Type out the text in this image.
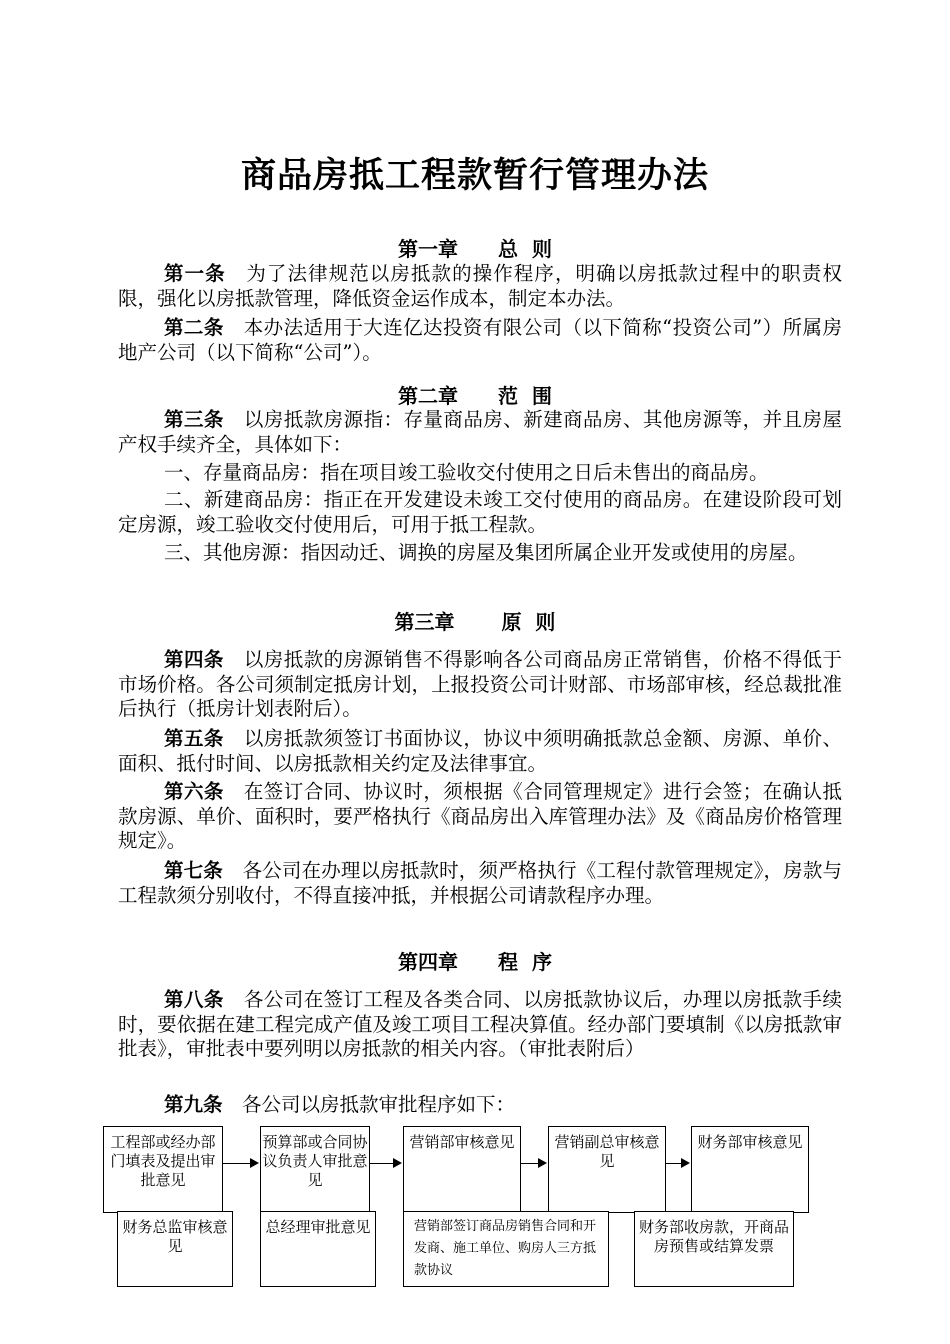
商品房抵工程款暂行管理办法
第一章　　总  则
第二章　　范  围
第三章　　 原  则
第四章　　程  序
第一条　 为了法律规范以房抵款的操作程序，明确以房抵款过程中的职责权限，强化以房抵款管理，降低资金运作成本，制定本办法。
第二条　 本办法适用于大连亿达投资有限公司（以下简称“投资公司”）所属房地产公司（以下简称“公司”）。
第三条　 以房抵款房源指：存量商品房、新建商品房、其他房源等，并且房屋产权手续齐全，具体如下：
一、存量商品房：指在项目竣工验收交付使用之日后未售出的商品房。
二、新建商品房：指正在开发建设未竣工交付使用的商品房。在建设阶段可划定房源，竣工验收交付使用后，可用于抵工程款。
三、其他房源：指因动迁、调换的房屋及集团所属企业开发或使用的房屋。
第四条　 以房抵款的房源销售不得影响各公司商品房正常销售，价格不得低于市场价格。各公司须制定抵房计划，上报投资公司计财部、市场部审核，经总裁批准后执行（抵房计划表附后）。
第五条　 以房抵款须签订书面协议，协议中须明确抵款总金额、房源、单价、面积、抵付时间、以房抵款相关约定及法律事宜。
第六条　 在签订合同、协议时，须根据《合同管理规定》进行会签；在确认抵款房源、单价、面积时，要严格执行《商品房出入库管理办法》及《商品房价格管理规定》。
第七条　 各公司在办理以房抵款时，须严格执行《工程付款管理规定》，房款与工程款须分别收付，不得直接冲抵，并根据公司请款程序办理。
第八条　 各公司在签订工程及各类合同、以房抵款协议后，办理以房抵款手续时，要依据在建工程完成产值及竣工项目工程决算值。经办部门要填制《以房抵款审批表》，审批表中要列明以房抵款的相关内容。（审批表附后）
第九条　 各公司以房抵款审批程序如下：
工程部或经办部门填表及提出审批意见
预算部或合同协议负责人审批意见
营销部审核意见	营销副总审核意见
财务部审核意见
财务总监审核意见
总经理审批意见	营销部签订商品房销售合同和开发商、施工单位、购房人三方抵款协议
财务部收房款，开商品房预售或结算发票
